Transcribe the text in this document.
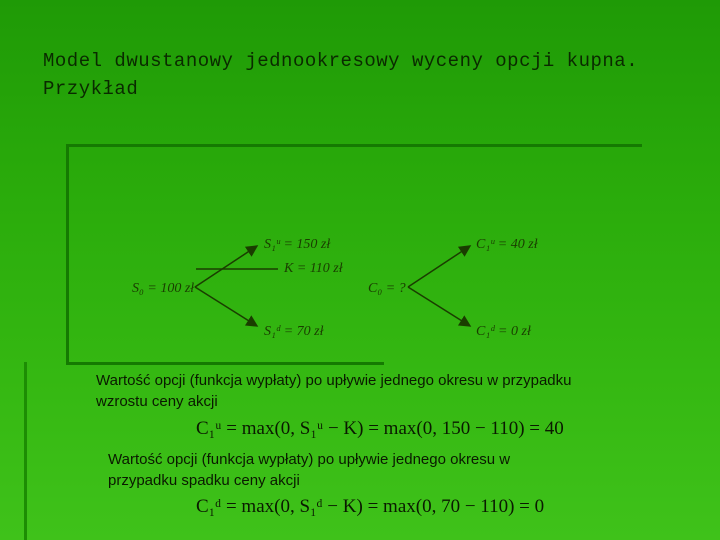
Model dwustanowy jednookresowy wyceny opcji kupna. Przykład
S₀ = 100 zł
S₁ᵘ = 150 zł
K = 110 zł
S₁ᵈ = 70 zł
C₀ = ?
C₁ᵘ = 40 zł
C₁ᵈ = 0 zł
Wartość opcji (funkcja wypłaty) po upływie jednego okresu w przypadku wzrostu ceny akcji
C₁ᵘ = max(0, S₁ᵘ − K) = max(0, 150 − 110) = 40
Wartość opcji (funkcja wypłaty) po upływie jednego okresu w przypadku spadku ceny akcji
C₁ᵈ = max(0, S₁ᵈ − K) = max(0, 70 − 110) = 0
